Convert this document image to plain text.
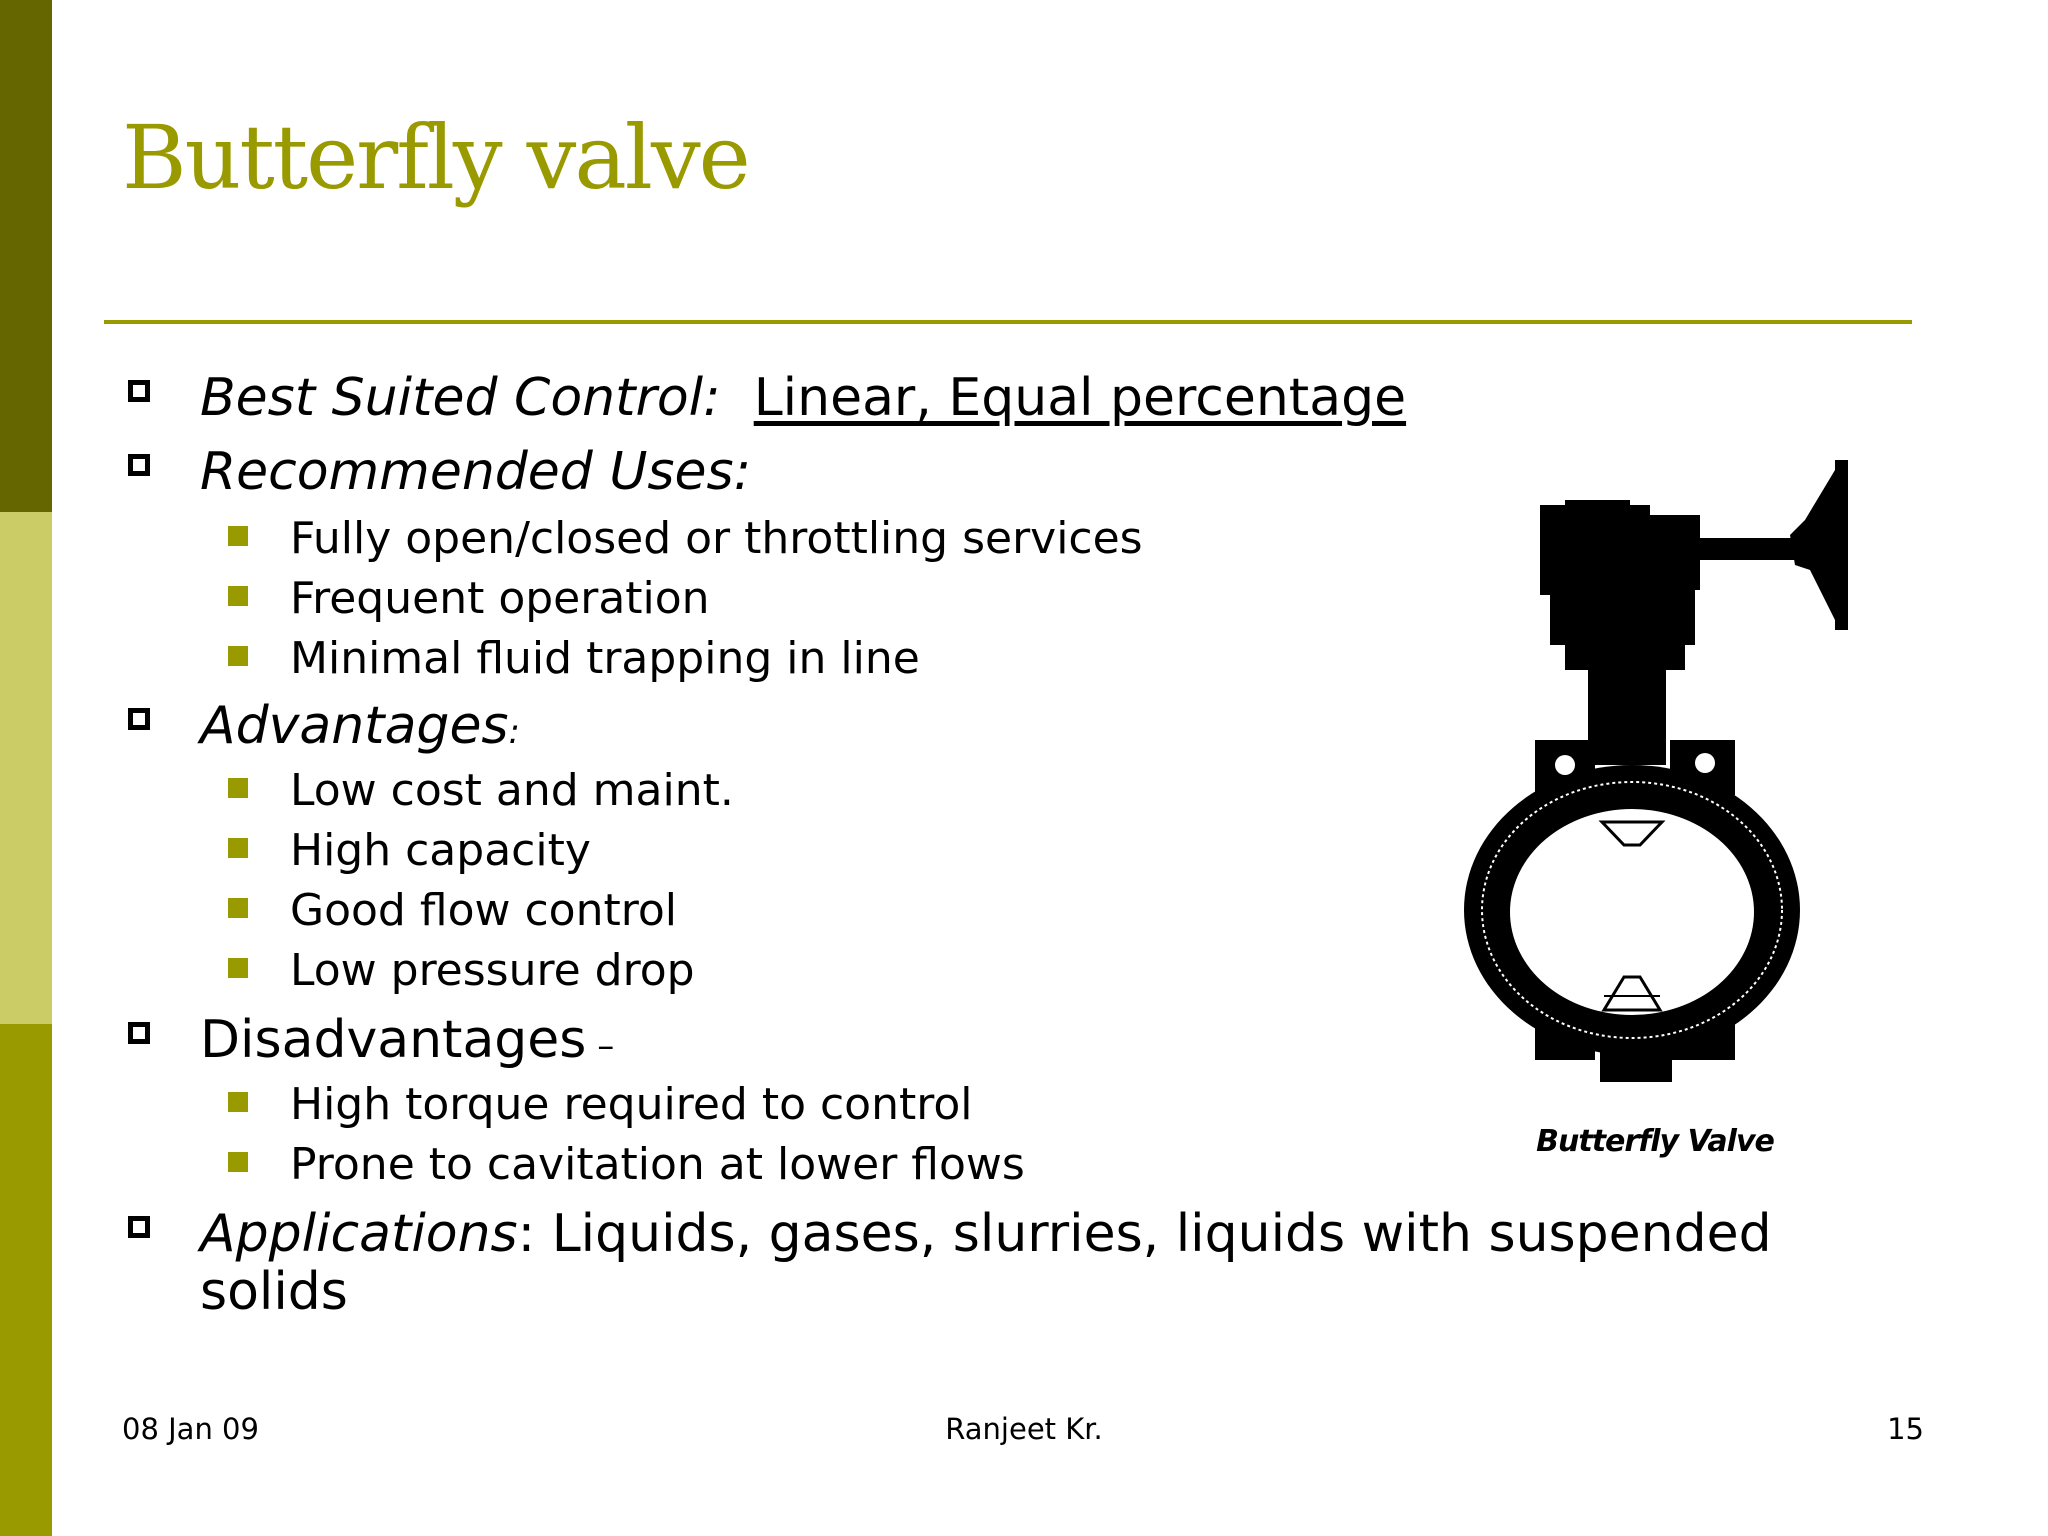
Butterfly valve
Best Suited Control: Linear, Equal percentage
Recommended Uses:
Fully open/closed or throttling services
Frequent operation
Minimal fluid trapping in line
Advantages:
Low cost and maint.
High capacity
Good flow control
Low pressure drop
Disadvantages –
High torque required to control
Prone to cavitation at lower flows
Applications: Liquids, gases, slurries, liquids with suspended
solids
Butterfly Valve
08 Jan 09	Ranjeet Kr.	15
